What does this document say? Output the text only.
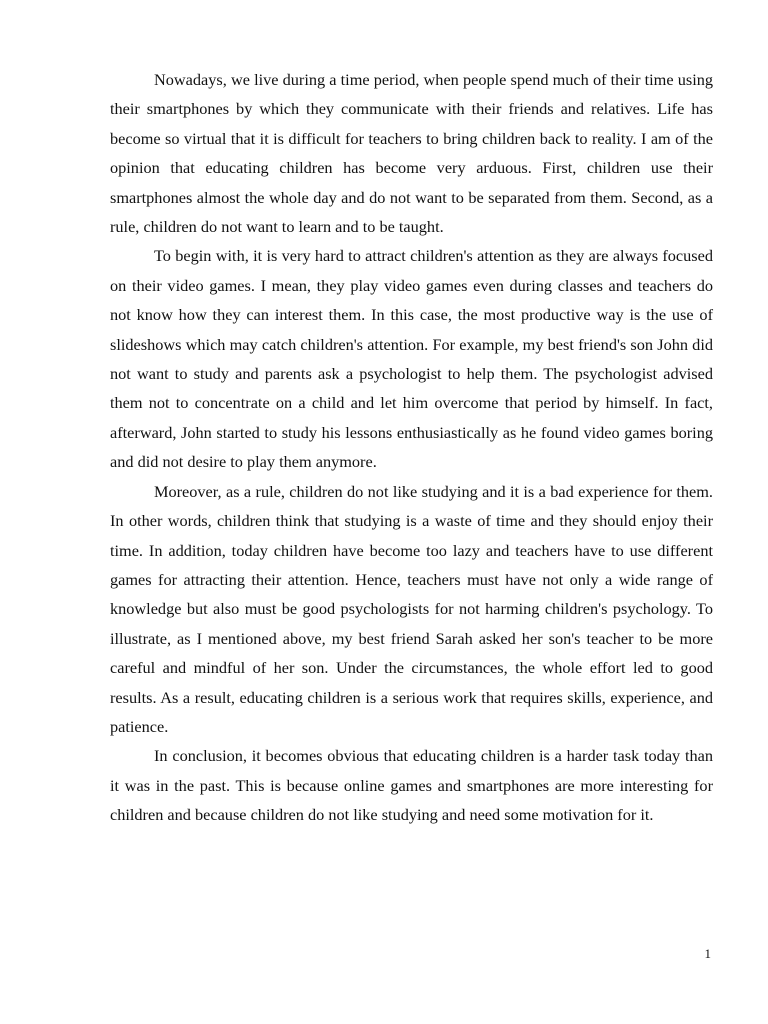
Nowadays, we live during a time period, when people spend much of their time using their smartphones by which they communicate with their friends and relatives. Life has become so virtual that it is difficult for teachers to bring children back to reality. I am of the opinion that educating children has become very arduous. First, children use their smartphones almost the whole day and do not want to be separated from them. Second, as a rule, children do not want to learn and to be taught.

To begin with, it is very hard to attract children's attention as they are always focused on their video games. I mean, they play video games even during classes and teachers do not know how they can interest them. In this case, the most productive way is the use of slideshows which may catch children's attention. For example, my best friend's son John did not want to study and parents ask a psychologist to help them. The psychologist advised them not to concentrate on a child and let him overcome that period by himself. In fact, afterward, John started to study his lessons enthusiastically as he found video games boring and did not desire to play them anymore.

Moreover, as a rule, children do not like studying and it is a bad experience for them. In other words, children think that studying is a waste of time and they should enjoy their time. In addition, today children have become too lazy and teachers have to use different games for attracting their attention. Hence, teachers must have not only a wide range of knowledge but also must be good psychologists for not harming children's psychology. To illustrate, as I mentioned above, my best friend Sarah asked her son's teacher to be more careful and mindful of her son. Under the circumstances, the whole effort led to good results. As a result, educating children is a serious work that requires skills, experience, and patience.

In conclusion, it becomes obvious that educating children is a harder task today than it was in the past. This is because online games and smartphones are more interesting for children and because children do not like studying and need some motivation for it.

1
